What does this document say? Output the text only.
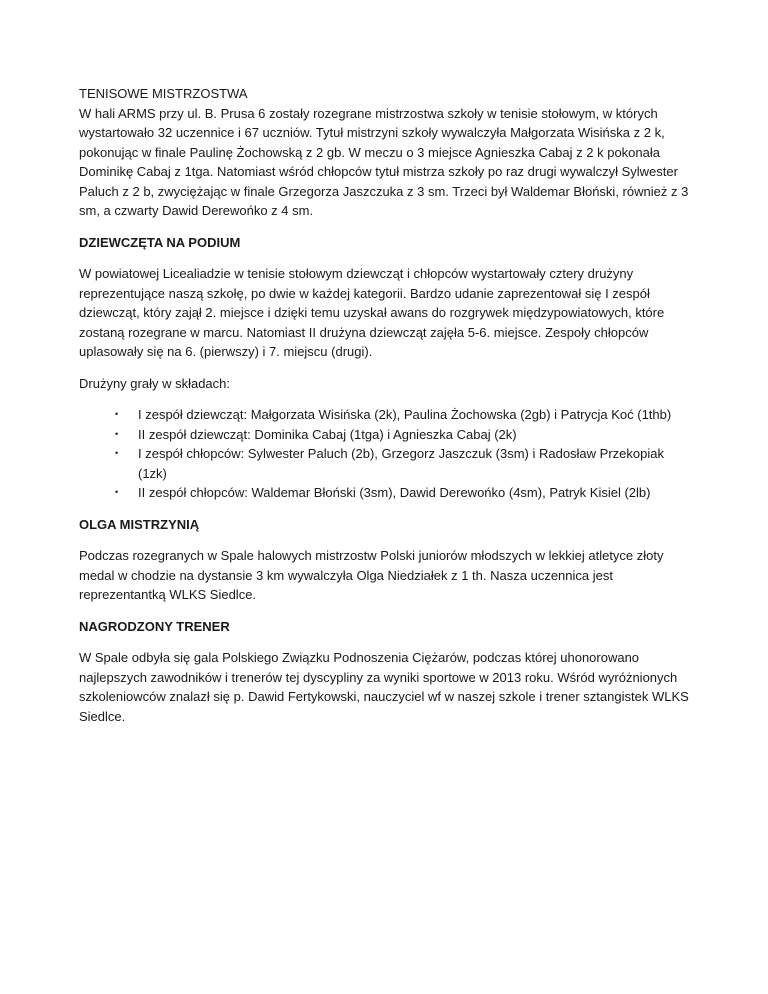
TENISOWE MISTRZOSTWA
W hali ARMS przy ul. B. Prusa 6 zostały rozegrane mistrzostwa szkoły w tenisie stołowym, w których wystartowało 32 uczennice i 67 uczniów. Tytuł mistrzyni szkoły wywalczyła Małgorzata Wisińska z 2 k, pokonując w finale Paulinę Żochowską z 2 gb. W meczu o 3 miejsce Agnieszka Cabaj z 2 k pokonała Dominikę Cabaj z 1tga. Natomiast wśród chłopców tytuł mistrza szkoły po raz drugi wywalczył Sylwester Paluch z 2 b, zwyciężając w finale Grzegorza Jaszczuka z 3 sm. Trzeci był Waldemar Błoński, również z 3 sm, a czwarty Dawid Derewońko z 4 sm.

DZIEWCZĘTA NA PODIUM

W powiatowej Licealiadzie w tenisie stołowym dziewcząt i chłopców wystartowały cztery drużyny reprezentujące naszą szkołę, po dwie w każdej kategorii. Bardzo udanie zaprezentował się I zespół dziewcząt, który zajął 2. miejsce i dzięki temu uzyskał awans do rozgrywek międzypowiatowych, które zostaną rozegrane w marcu. Natomiast II drużyna dziewcząt zajęła 5-6. miejsce. Zespoły chłopców uplasowały się na 6. (pierwszy) i 7. miejscu (drugi).

Drużyny grały w składach:

• I zespół dziewcząt: Małgorzata Wisińska (2k), Paulina Żochowska (2gb) i Patrycja Koć (1thb)
• II zespół dziewcząt: Dominika Cabaj (1tga) i Agnieszka Cabaj (2k)
• I zespół chłopców: Sylwester Paluch (2b), Grzegorz Jaszczuk (3sm) i Radosław Przekopiak (1zk)
• II zespół chłopców: Waldemar Błoński (3sm), Dawid Derewońko (4sm), Patryk Kisiel (2lb)
OLGA MISTRZYNIĄ

Podczas rozegranych w Spale halowych mistrzostw Polski juniorów młodszych w lekkiej atletyce złoty medal w chodzie na dystansie 3 km wywalczyła Olga Niedziałek z 1 th. Nasza uczennica jest reprezentantką WLKS Siedlce.

NAGRODZONY TRENER

W Spale odbyła się gala Polskiego Związku Podnoszenia Ciężarów, podczas której uhonorowano najlepszych zawodników i trenerów tej dyscypliny za wyniki sportowe w 2013 roku. Wśród wyróżnionych szkoleniowców znalazł się p. Dawid Fertykowski, nauczyciel wf w naszej szkole i trener sztangistek WLKS Siedlce.
